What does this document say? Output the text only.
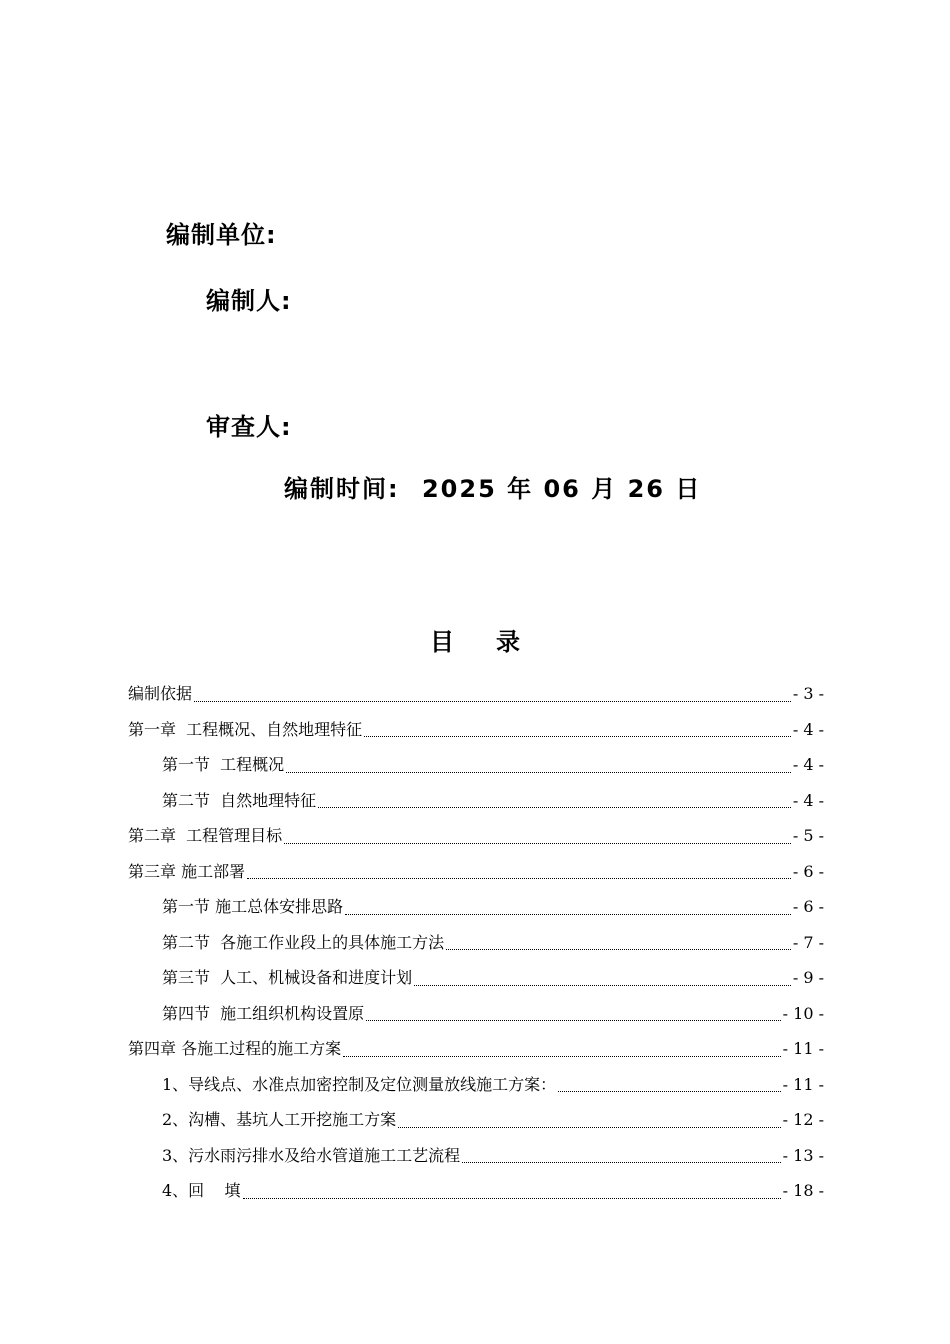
编制单位:
编制人:
审查人:
编制时间: 2025 年 06 月 26 日
目 录
编制依据	- 3 -
第一章  工程概况、自然地理特征	- 4 -
第一节  工程概况	- 4 -
第二节  自然地理特征	- 4 -
第二章  工程管理目标	- 5 -
第三章 施工部署	- 6 -
第一节 施工总体安排思路	- 6 -
第二节  各施工作业段上的具体施工方法	- 7 -
第三节  人工、机械设备和进度计划	- 9 -
第四节  施工组织机构设置原	- 10 -
第四章 各施工过程的施工方案	- 11 -
1、导线点、水准点加密控制及定位测量放线施工方案：	- 11 -
2、沟槽、基坑人工开挖施工方案	- 12 -
3、污水雨污排水及给水管道施工工艺流程	- 13 -
4、回    填	- 18 -
